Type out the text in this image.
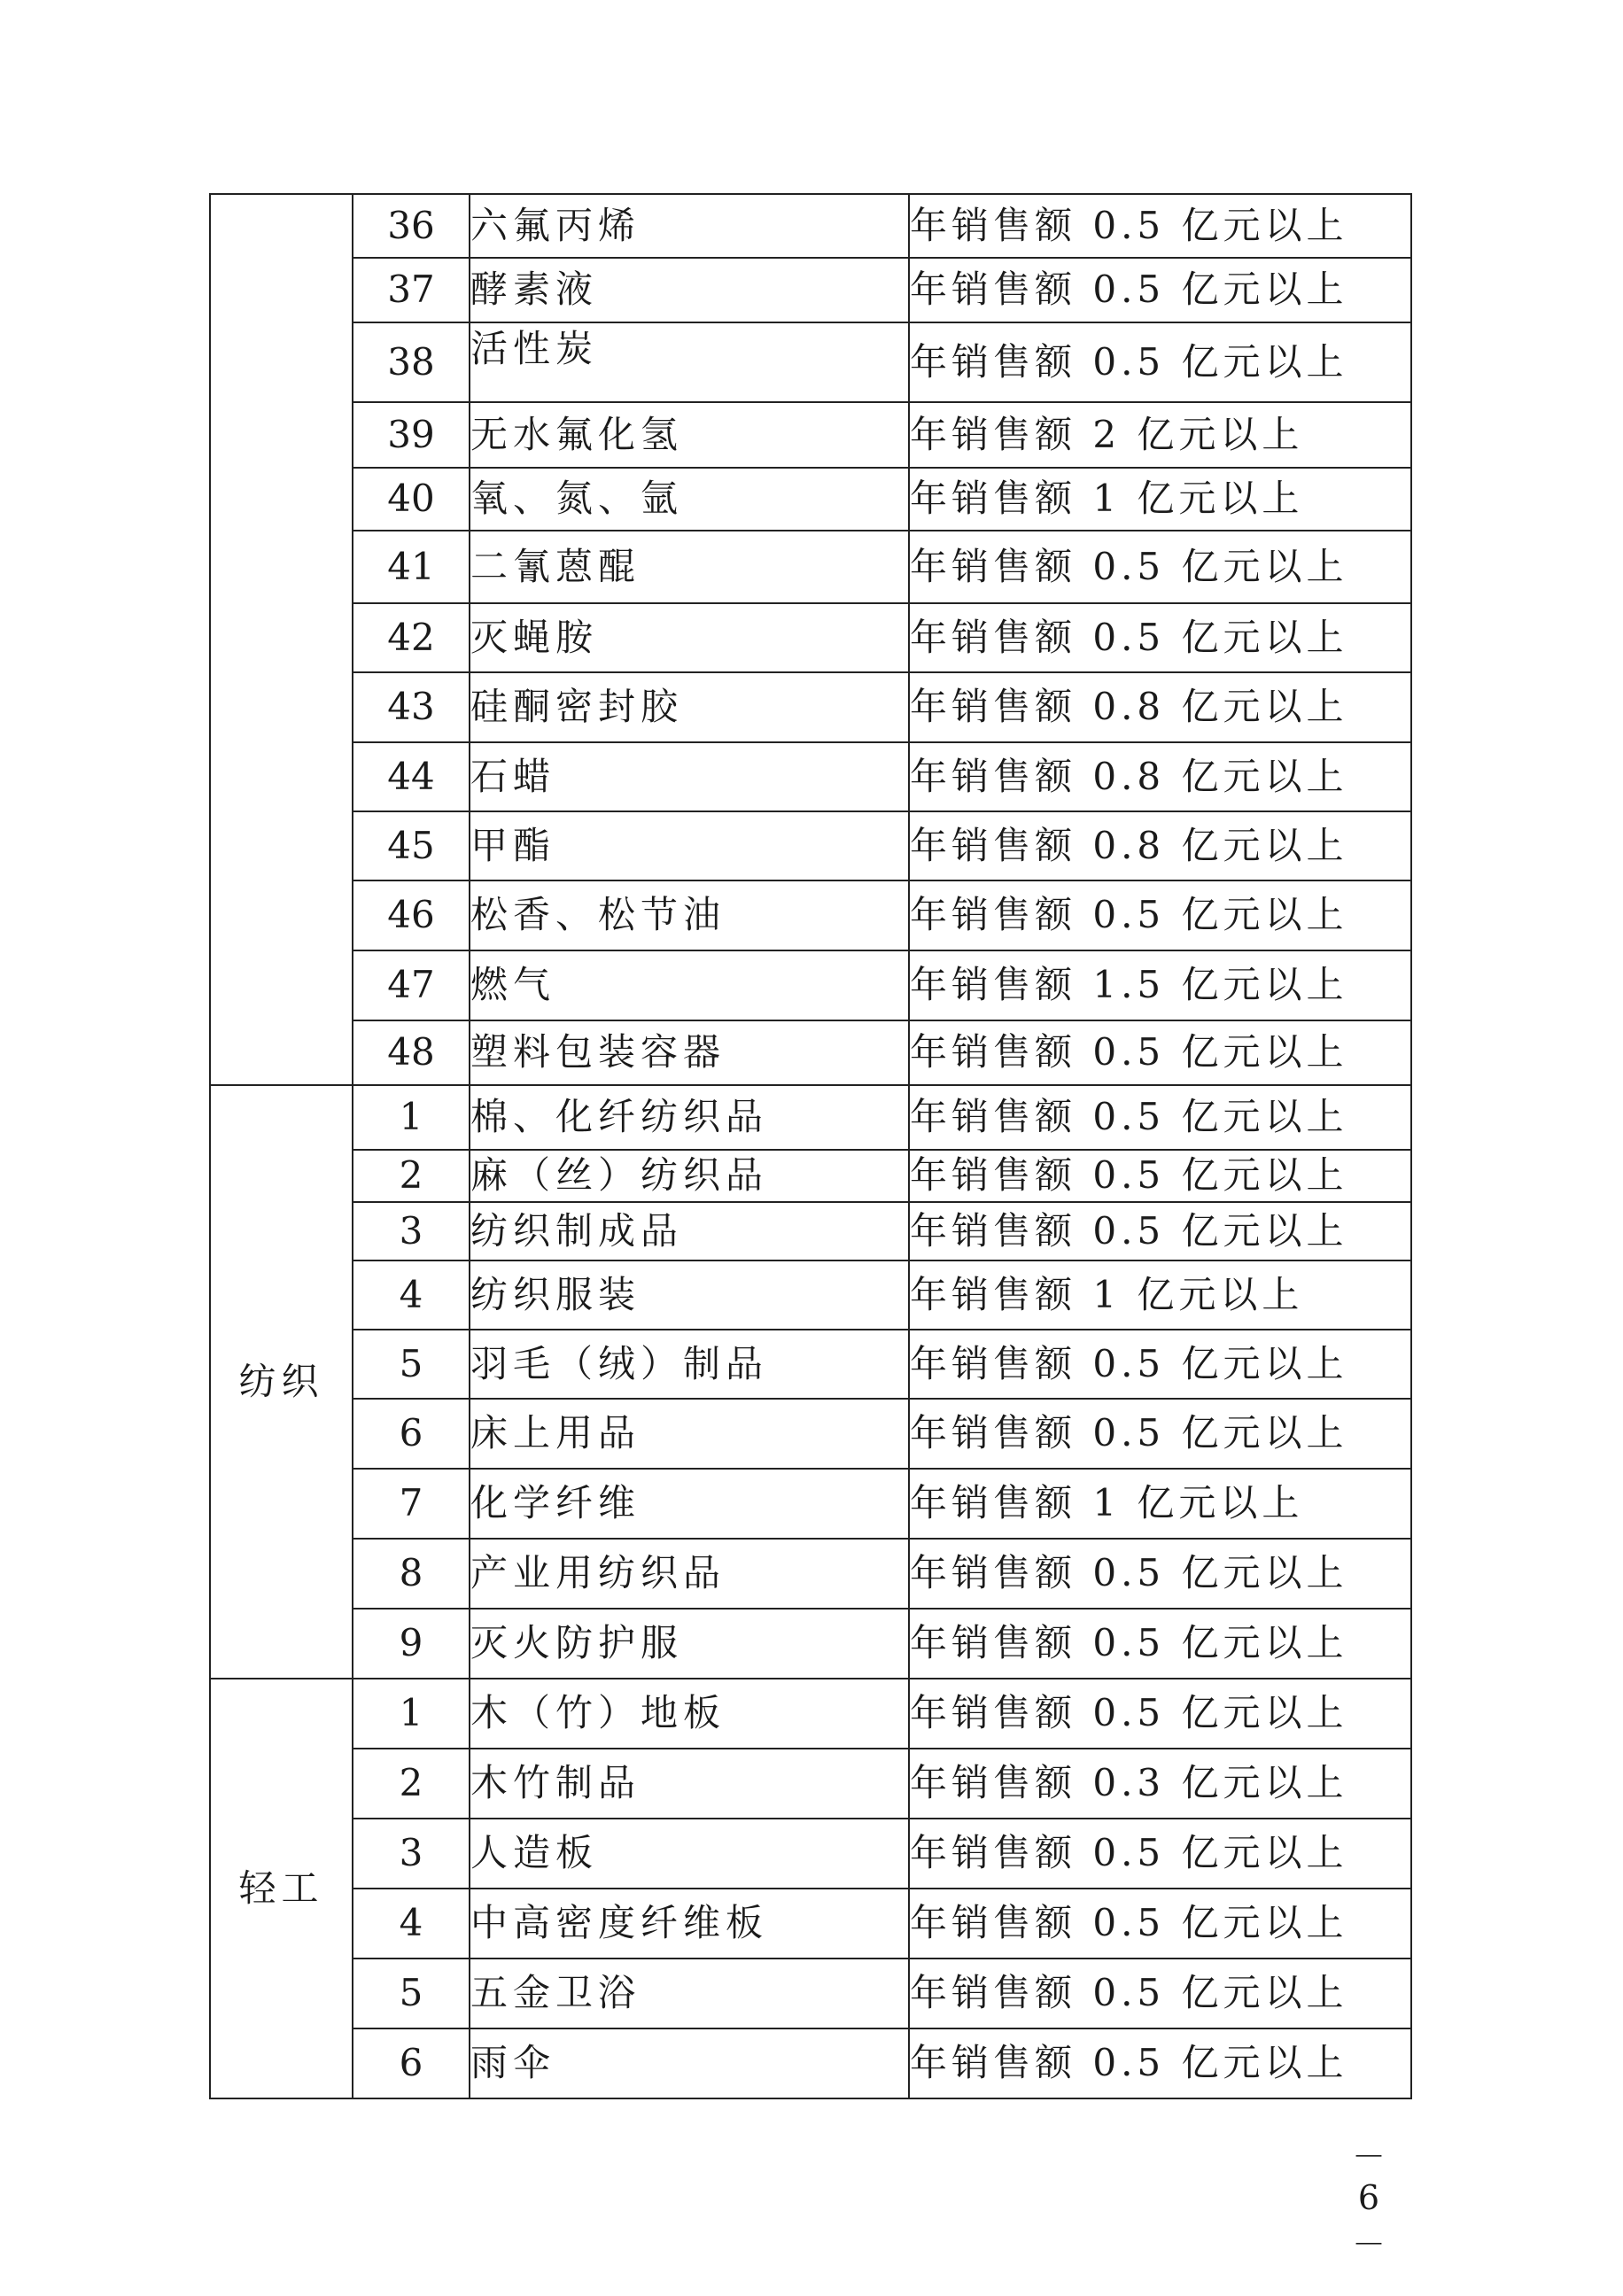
	36	六氟丙烯	年销售额 0.5 亿元以上
	37	酵素液	年销售额 0.5 亿元以上
	38	活性炭	年销售额 0.5 亿元以上
	39	无水氟化氢	年销售额 2 亿元以上
	40	氧、氮、氩	年销售额 1 亿元以上
	41	二氰蒽醌	年销售额 0.5 亿元以上
	42	灭蝇胺	年销售额 0.5 亿元以上
	43	硅酮密封胶	年销售额 0.8 亿元以上
	44	石蜡	年销售额 0.8 亿元以上
	45	甲酯	年销售额 0.8 亿元以上
	46	松香、松节油	年销售额 0.5 亿元以上
	47	燃气	年销售额 1.5 亿元以上
	48	塑料包装容器	年销售额 0.5 亿元以上
纺织	1	棉、化纤纺织品	年销售额 0.5 亿元以上
	2	麻（丝）纺织品	年销售额 0.5 亿元以上
	3	纺织制成品	年销售额 0.5 亿元以上
	4	纺织服装	年销售额 1 亿元以上
	5	羽毛（绒）制品	年销售额 0.5 亿元以上
	6	床上用品	年销售额 0.5 亿元以上
	7	化学纤维	年销售额 1 亿元以上
	8	产业用纺织品	年销售额 0.5 亿元以上
	9	灭火防护服	年销售额 0.5 亿元以上
轻工	1	木（竹）地板	年销售额 0.5 亿元以上
	2	木竹制品	年销售额 0.3 亿元以上
	3	人造板	年销售额 0.5 亿元以上
	4	中高密度纤维板	年销售额 0.5 亿元以上
	5	五金卫浴	年销售额 0.5 亿元以上
	6	雨伞	年销售额 0.5 亿元以上
－ 6 －
